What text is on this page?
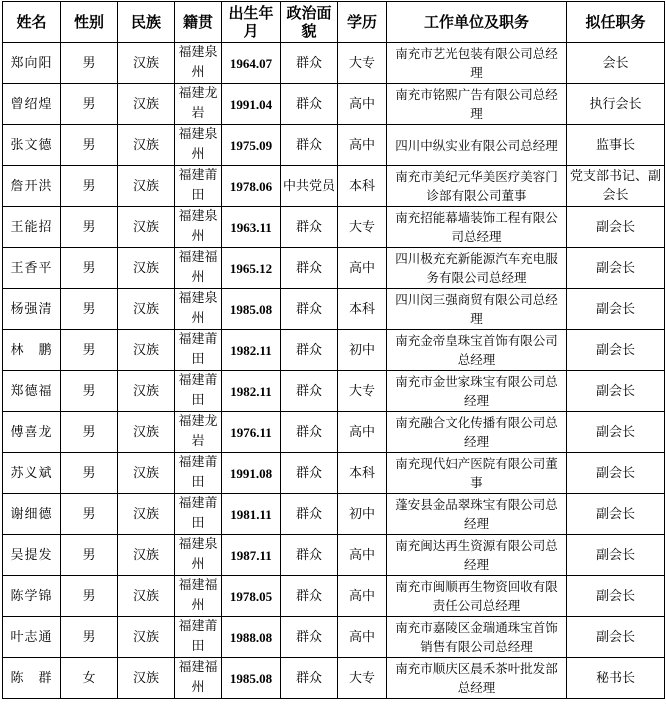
姓名	性别	民族	籍贯	出生年月	政治面貌	学历	工作单位及职务	拟任职务
郑向阳	男	汉族	福建泉州	1964.07	群众	大专	南充市艺光包装有限公司总经理	会长
曾绍煌	男	汉族	福建龙岩	1991.04	群众	高中	南充市铭熙广告有限公司总经理	执行会长
张文德	男	汉族	福建泉州	1975.09	群众	高中	四川中纵实业有限公司总经理	监事长
詹开洪	男	汉族	福建莆田	1978.06	中共党员	本科	南充市美纪元华美医疗美容门诊部有限公司董事	党支部书记、副会长
王能招	男	汉族	福建泉州	1963.11	群众	大专	南充招能幕墙装饰工程有限公司总经理	副会长
王香平	男	汉族	福建福州	1965.12	群众	高中	四川极充充新能源汽车充电服务有限公司总经理	副会长
杨强清	男	汉族	福建泉州	1985.08	群众	本科	四川闵三强商贸有限公司总经理	副会长
林　鹏	男	汉族	福建莆田	1982.11	群众	初中	南充金帝皇珠宝首饰有限公司总经理	副会长
郑德福	男	汉族	福建莆田	1982.11	群众	大专	南充市金世家珠宝有限公司总经理	副会长
傅喜龙	男	汉族	福建龙岩	1976.11	群众	高中	南充融合文化传播有限公司总经理	副会长
苏义斌	男	汉族	福建莆田	1991.08	群众	本科	南充现代妇产医院有限公司董事	副会长
谢细德	男	汉族	福建莆田	1981.11	群众	初中	蓬安县金品翠珠宝有限公司总经理	副会长
吴提发	男	汉族	福建泉州	1987.11	群众	高中	南充闽达再生资源有限公司总经理	副会长
陈学锦	男	汉族	福建福州	1978.05	群众	高中	南充市闽顺再生物资回收有限责任公司总经理	副会长
叶志通	男	汉族	福建莆田	1988.08	群众	高中	南充市嘉陵区金瑞通珠宝首饰销售有限公司总经理	副会长
陈　群	女	汉族	福建福州	1985.08	群众	大专	南充市顺庆区晨禾茶叶批发部总经理	秘书长
